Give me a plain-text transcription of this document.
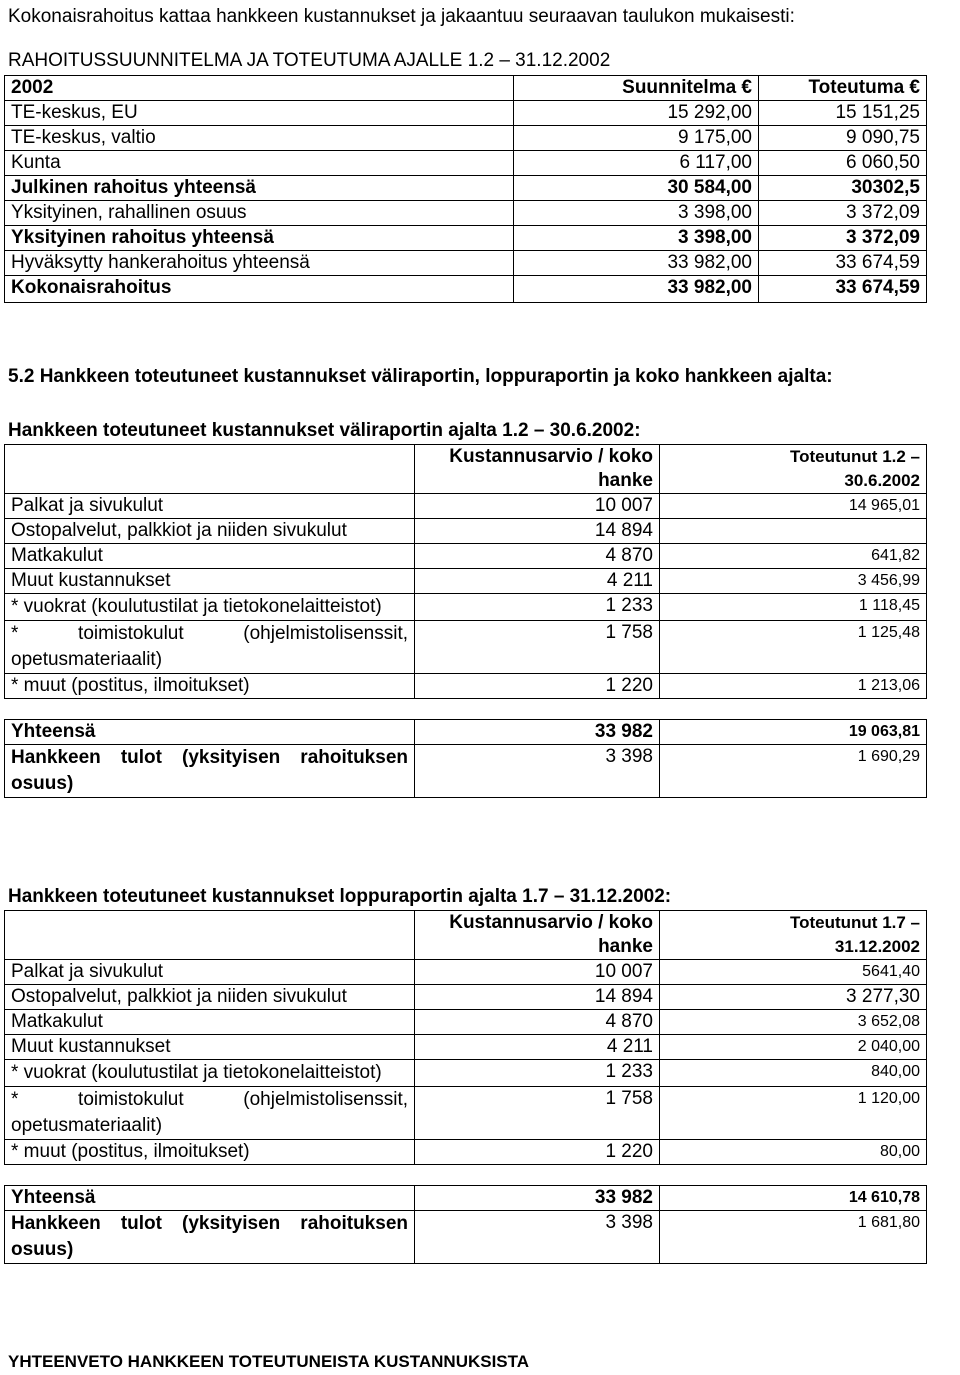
Kokonaisrahoitus kattaa hankkeen kustannukset ja jakaantuu seuraavan taulukon mukaisesti:
RAHOITUSSUUNNITELMA JA TOTEUTUMA AJALLE 1.2 – 31.12.2002
2002	Suunnitelma €	Toteutuma €
TE-keskus, EU	15 292,00	15 151,25
TE-keskus, valtio	9 175,00	9 090,75
Kunta	6 117,00	6 060,50
Julkinen rahoitus yhteensä	30 584,00	30302,5
Yksityinen, rahallinen osuus	3 398,00	3 372,09
Yksityinen rahoitus yhteensä	3 398,00	3 372,09
Hyväksytty hankerahoitus yhteensä	33 982,00	33 674,59
Kokonaisrahoitus	33 982,00	33 674,59
5.2 Hankkeen toteutuneet kustannukset väliraportin, loppuraportin ja koko hankkeen ajalta:
Hankkeen toteutuneet kustannukset väliraportin ajalta 1.2 – 30.6.2002:
	Kustannusarvio / koko hanke	Toteutunut 1.2 – 30.6.2002
Palkat ja sivukulut	10 007	14 965,01
Ostopalvelut, palkkiot ja niiden sivukulut	14 894	
Matkakulut	4 870	641,82
Muut kustannukset	4 211	3 456,99
* vuokrat (koulutustilat ja tietokonelaitteistot)	1 233	1 118,45
* toimistokulut (ohjelmistolisenssit, opetusmateriaalit)	1 758	1 125,48
* muut (postitus, ilmoitukset)	1 220	1 213,06

Yhteensä	33 982	19 063,81
Hankkeen tulot (yksityisen rahoituksen osuus)	3 398	1 690,29
Hankkeen toteutuneet kustannukset loppuraportin ajalta 1.7 – 31.12.2002:
	Kustannusarvio / koko hanke	Toteutunut 1.7 – 31.12.2002
Palkat ja sivukulut	10 007	5641,40
Ostopalvelut, palkkiot ja niiden sivukulut	14 894	3 277,30
Matkakulut	4 870	3 652,08
Muut kustannukset	4 211	2 040,00
* vuokrat (koulutustilat ja tietokonelaitteistot)	1 233	840,00
* toimistokulut (ohjelmistolisenssit, opetusmateriaalit)	1 758	1 120,00
* muut (postitus, ilmoitukset)	1 220	80,00

Yhteensä	33 982	14 610,78
Hankkeen tulot (yksityisen rahoituksen osuus)	3 398	1 681,80
YHTEENVETO HANKKEEN TOTEUTUNEISTA KUSTANNUKSISTA
